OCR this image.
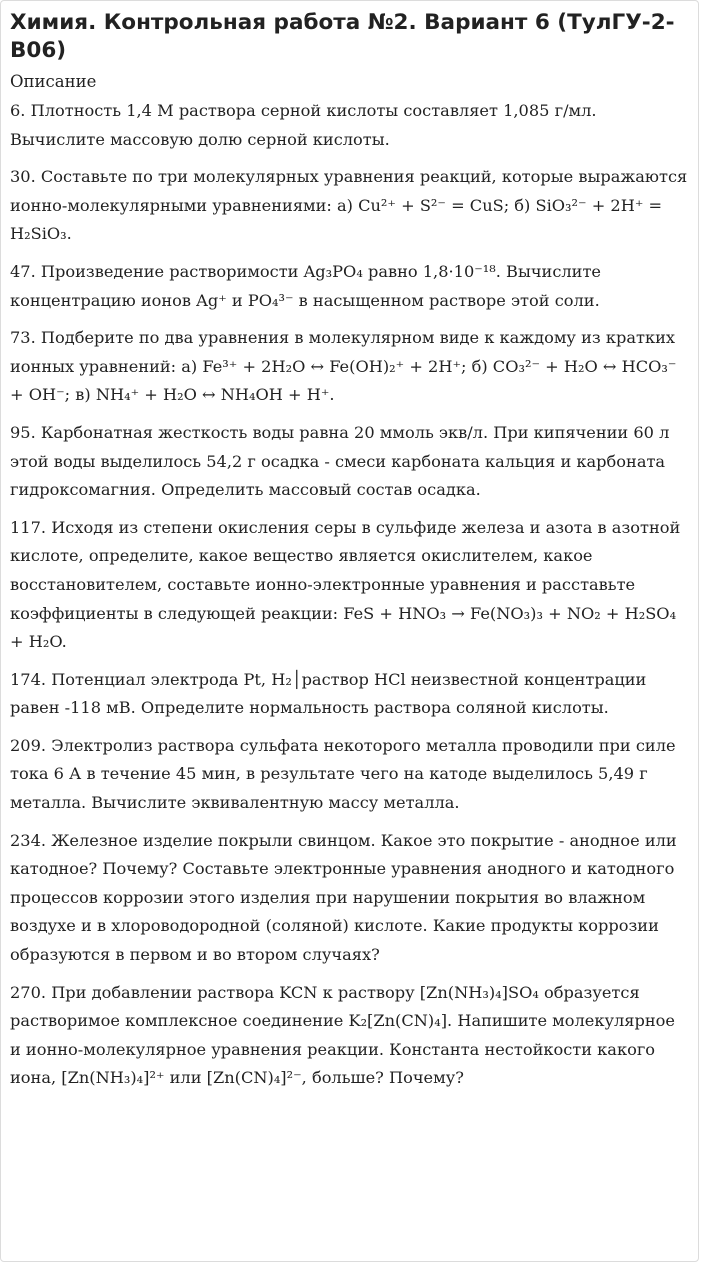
Химия. Контрольная работа №2. Вариант 6 (ТулГУ-2-В06)
Описание

6. Плотность 1,4 М раствора серной кислоты составляет 1,085 г/мл. Вычислите массовую долю серной кислоты.

30. Составьте по три молекулярных уравнения реакций, которые выражаются ионно-молекулярными уравнениями: а) Cu²⁺ + S²⁻ = CuS; б) SiO₃²⁻ + 2H⁺ = H₂SiO₃.

47. Произведение растворимости Ag₃PO₄ равно 1,8·10⁻¹⁸. Вычислите концентрацию ионов Ag⁺ и PO₄³⁻ в насыщенном растворе этой соли.

73. Подберите по два уравнения в молекулярном виде к каждому из кратких ионных уравнений: а) Fe³⁺ + 2H₂O ↔ Fe(OH)₂⁺ + 2H⁺; б) CO₃²⁻ + H₂O ↔ HCO₃⁻ + OH⁻; в) NH₄⁺ + H₂O ↔ NH₄OH + H⁺.

95. Карбонатная жесткость воды равна 20 ммоль экв/л. При кипячении 60 л этой воды выделилось 54,2 г осадка - смеси карбоната кальция и карбоната гидроксомагния. Определить массовый состав осадка.

117. Исходя из степени окисления серы в сульфиде железа и азота в азотной кислоте, определите, какое вещество является окислителем, какое восстановителем, составьте ионно-электронные уравнения и расставьте коэффициенты в следующей реакции: FeS + HNO₃ → Fe(NO₃)₃ + NO₂ + H₂SO₄ + H₂O.

174. Потенциал электрода Pt, H₂│раствор HCl неизвестной концентрации равен -118 мВ. Определите нормальность раствора соляной кислоты.

209. Электролиз раствора сульфата некоторого металла проводили при силе тока 6 А в течение 45 мин, в результате чего на катоде выделилось 5,49 г металла. Вычислите эквивалентную массу металла.

234. Железное изделие покрыли свинцом. Какое это покрытие - анодное или катодное? Почему? Составьте электронные уравнения анодного и катодного процессов коррозии этого изделия при нарушении покрытия во влажном воздухе и в хлороводородной (соляной) кислоте. Какие продукты коррозии образуются в первом и во втором случаях?

270. При добавлении раствора KCN к раствору [Zn(NH₃)₄]SO₄ образуется растворимое комплексное соединение K₂[Zn(CN)₄]. Напишите молекулярное и ионно-молекулярное уравнения реакции. Константа нестойкости какого иона, [Zn(NH₃)₄]²⁺ или [Zn(CN)₄]²⁻, больше? Почему?
